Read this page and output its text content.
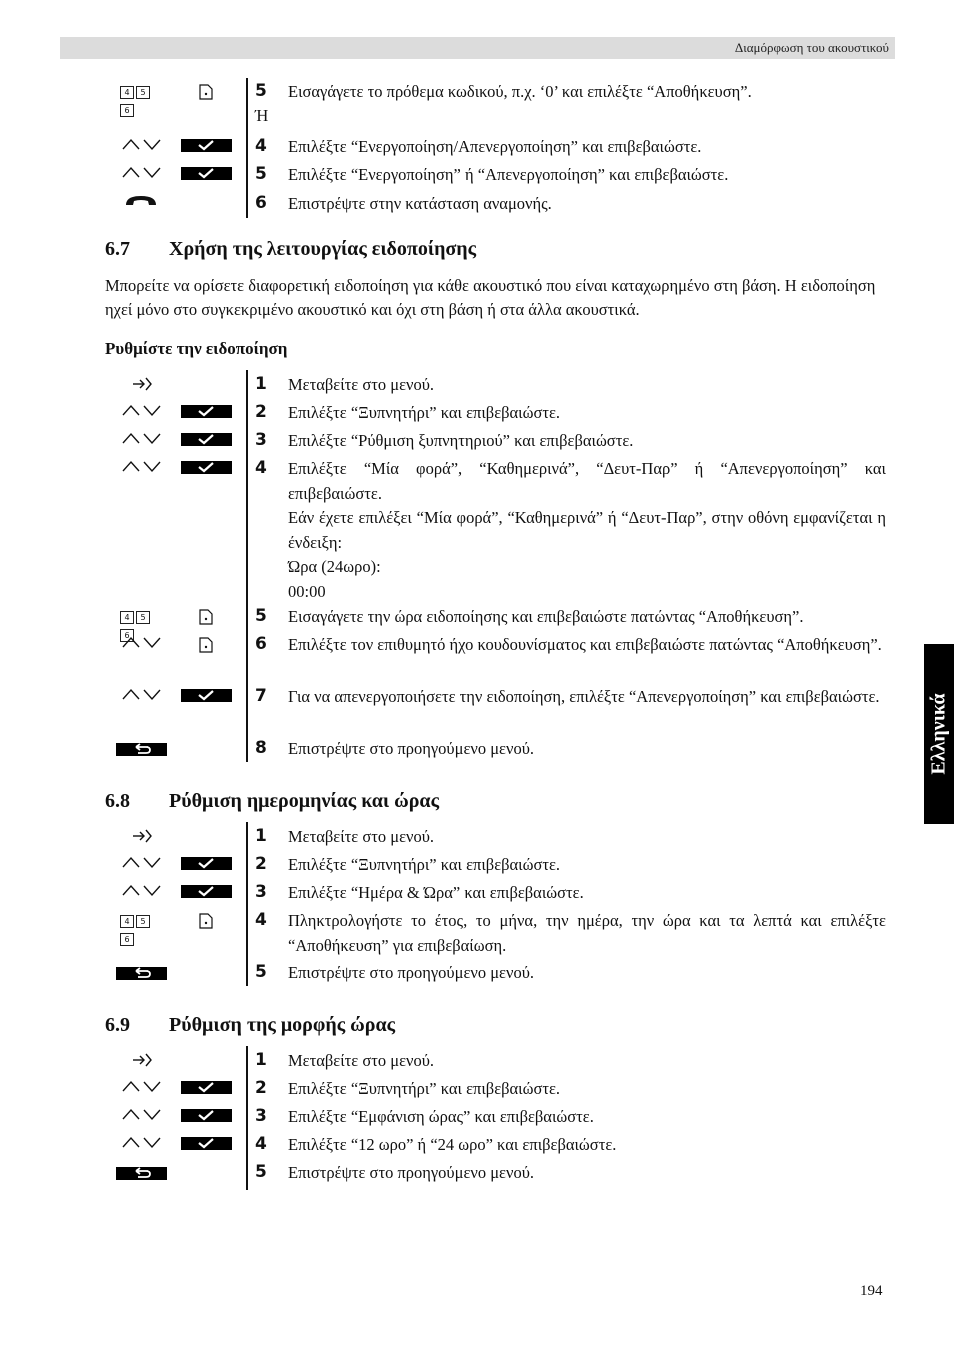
Διαμόρφωση του ακουστικού
Ελληνικά
4 56
5 Εισαγάγετε το πρόθεμα κωδικού, π.χ. ‘0’ και επιλέξτε “Αποθήκευση”.
Ή
4 Επιλέξτε “Ενεργοποίηση/Απενεργοποίηση” και επιβεβαιώστε.
5 Επιλέξτε “Ενεργοποίηση” ή “Απενεργοποίηση” και επιβεβαιώστε.
6 Επιστρέψτε στην κατάσταση αναμονής.
6.7 Χρήση της λειτουργίας ειδοποίησης
Μπορείτε να ορίσετε διαφορετική ειδοποίηση για κάθε ακουστικό που είναι καταχωρημένο στη βάση. Η ειδοποίηση ηχεί μόνο στο συγκεκριμένο ακουστικό και όχι στη βάση ή στα άλλα ακουστικά.
Ρυθμίστε την ειδοποίηση
1 Μεταβείτε στο μενού.
2 Επιλέξτε “Ξυπνητήρι” και επιβεβαιώστε.
3 Επιλέξτε “Ρύθμιση ξυπνητηριού” και επιβεβαιώστε.
4 Επιλέξτε “Μία φορά”, “Καθημερινά”, “Δευτ-Παρ” ή “Απενεργοποίηση” και επιβεβαιώστε.
Εάν έχετε επιλέξει “Μία φορά”, “Καθημερινά” ή “Δευτ-Παρ”, στην οθόνη εμφανίζεται η ένδειξη:
Ώρα (24ωρο):
00:00
4 56
5 Εισαγάγετε την ώρα ειδοποίησης και επιβεβαιώστε πατώντας “Αποθήκευση”.
6 Επιλέξτε τον επιθυμητό ήχο κουδουνίσματος και επιβεβαιώστε πατώντας “Αποθήκευση”.
7 Για να απενεργοποιήσετε την ειδοποίηση, επιλέξτε “Απενεργοποίηση” και επιβεβαιώστε.
8 Επιστρέψτε στο προηγούμενο μενού.
6.8 Ρύθμιση ημερομηνίας και ώρας
1 Μεταβείτε στο μενού.
2 Επιλέξτε “Ξυπνητήρι” και επιβεβαιώστε.
3 Επιλέξτε “Ημέρα & Ώρα” και επιβεβαιώστε.
4 56
4 Πληκτρολογήστε το έτος, το μήνα, την ημέρα, την ώρα και τα λεπτά και επιλέξτε “Αποθήκευση” για επιβεβαίωση.
5 Επιστρέψτε στο προηγούμενο μενού.
6.9 Ρύθμιση της μορφής ώρας
1 Μεταβείτε στο μενού.
2 Επιλέξτε “Ξυπνητήρι” και επιβεβαιώστε.
3 Επιλέξτε “Εμφάνιση ώρας” και επιβεβαιώστε.
4 Επιλέξτε “12 ωρο” ή “24 ωρο” και επιβεβαιώστε.
5 Επιστρέψτε στο προηγούμενο μενού.
194
